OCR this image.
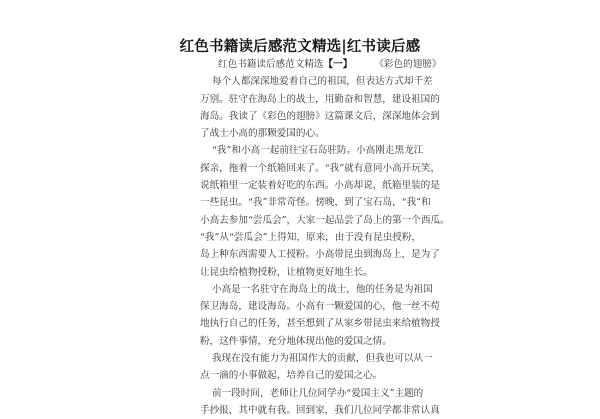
红色书籍读后感范文精选|红书读后感
红色书籍读后感范文精选【一】 《彩色的翅膀》
每个人都深深地爱着自己的祖国，但表达方式却千差
万别。驻守在海岛上的战士，用勤奋和智慧，建设祖国的
海岛。我读了《彩色的翅膀》这篇课文后，深深地体会到
了战士小高的那颗爱国的心。
“我”和小高一起前往宝石岛驻防。小高刚走黑龙江
探亲，拖着一个纸箱回来了。“我”就有意同小高开玩笑，
说纸箱里一定装着好吃的东西。小高却说，纸箱里装的是
一些昆虫。“我”非常奇怪。傍晚，到了宝石岛，“我”和
小高去参加“尝瓜会”，大家一起品尝了岛上的第一个西瓜。
“我”从“尝瓜会”上得知，原来，由于没有昆虫授粉，
岛上种东西需要人工授粉。小高带昆虫到海岛上，是为了
让昆虫给植物授粉，让植物更好地生长。
小高是一名驻守在海岛上的战士，他的任务是为祖国
保卫海岛，建设海岛。小高有一颗爱国的心，他一丝不苟
地执行自己的任务，甚至想到了从家乡带昆虫来给植物授
粉，这件事情，充分地体现出他的爱国之情。
我现在没有能力为祖国作大的贡献，但我也可以从一
点一滴的小事做起，培养自己的爱国之心。
前一段时间，老师让几位同学办“爱国主义”主题的
手抄报，其中就有我。回到家，我们几位同学都非常认真
